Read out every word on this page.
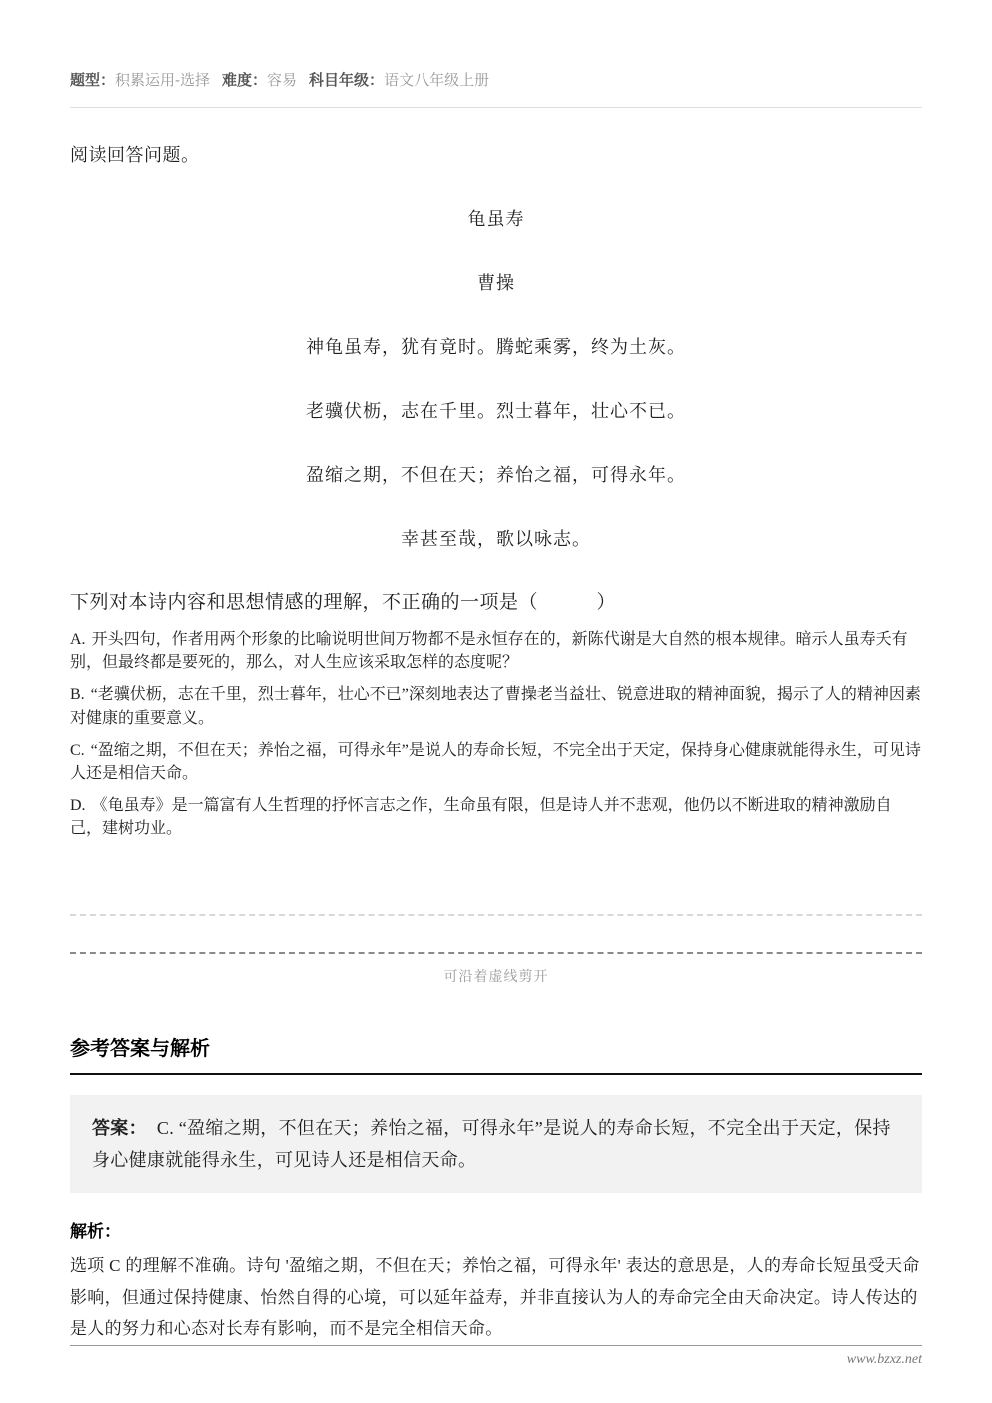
题型：积累运用-选择 难度：容易 科目年级：语文八年级上册

阅读回答问题。

龟虽寿

曹操

神龟虽寿，犹有竟时。腾蛇乘雾，终为土灰。

老骥伏枥，志在千里。烈士暮年，壮心不已。

盈缩之期，不但在天；养怡之福，可得永年。

幸甚至哉，歌以咏志。

下列对本诗内容和思想情感的理解，不正确的一项是（　　　）

A. 开头四句，作者用两个形象的比喻说明世间万物都不是永恒存在的，新陈代谢是大自然的根本规律。暗示人虽寿夭有别，但最终都是要死的，那么，对人生应该采取怎样的态度呢？

B. “老骥伏枥，志在千里，烈士暮年，壮心不已”深刻地表达了曹操老当益壮、锐意进取的精神面貌，揭示了人的精神因素对健康的重要意义。

C. “盈缩之期，不但在天；养怡之福，可得永年”是说人的寿命长短，不完全出于天定，保持身心健康就能得永生，可见诗人还是相信天命。

D. 《龟虽寿》是一篇富有人生哲理的抒怀言志之作，生命虽有限，但是诗人并不悲观，他仍以不断进取的精神激励自己，建树功业。

可沿着虚线剪开

参考答案与解析
答案： C. “盈缩之期，不但在天；养怡之福，可得永年”是说人的寿命长短，不完全出于天定，保持身心健康就能得永生，可见诗人还是相信天命。

解析：

选项 C 的理解不准确。诗句 '盈缩之期，不但在天；养怡之福，可得永年' 表达的意思是，人的寿命长短虽受天命影响，但通过保持健康、怡然自得的心境，可以延年益寿，并非直接认为人的寿命完全由天命决定。诗人传达的是人的努力和心态对长寿有影响，而不是完全相信天命。

www.bzxz.net
